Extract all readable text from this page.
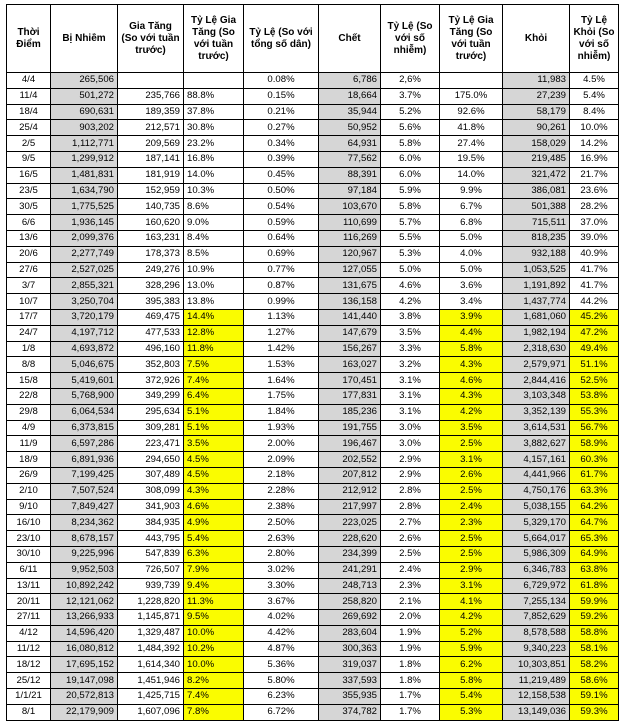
Thời Điểm	Bị Nhiễm	Gia Tăng (So với tuần trước)	Tỷ Lệ Gia Tăng (So với tuần trước)	Tỷ Lệ (So với tổng số dân)	Chết	Tỷ Lệ (So với số nhiễm)	Tỷ Lệ Gia Tăng (So với tuần trước)	Khỏi	Tỷ Lệ Khỏi (So với số nhiễm)

4/4	265,506			0.08%	6,786	2,6%		11,983	4.5%
11/4	501,272	235,766	88.8%	0.15%	18,664	3.7%	175.0%	27,239	5.4%
18/4	690,631	189,359	37.8%	0.21%	35,944	5.2%	92.6%	58,179	8.4%
25/4	903,202	212,571	30.8%	0.27%	50,952	5.6%	41.8%	90,261	10.0%
2/5	1,112,771	209,569	23.2%	0.34%	64,931	5.8%	27.4%	158,029	14.2%
9/5	1,299,912	187,141	16.8%	0.39%	77,562	6.0%	19.5%	219,485	16.9%
16/5	1,481,831	181,919	14.0%	0.45%	88,391	6.0%	14.0%	321,472	21.7%
23/5	1,634,790	152,959	10.3%	0.50%	97,184	5.9%	9.9%	386,081	23.6%
30/5	1,775,525	140,735	8.6%	0.54%	103,670	5.8%	6.7%	501,388	28.2%
6/6	1,936,145	160,620	9.0%	0.59%	110,699	5.7%	6.8%	715,511	37.0%
13/6	2,099,376	163,231	8.4%	0.64%	116,269	5.5%	5.0%	818,235	39.0%
20/6	2,277,749	178,373	8.5%	0.69%	120,967	5.3%	4.0%	932,188	40.9%
27/6	2,527,025	249,276	10.9%	0.77%	127,055	5.0%	5.0%	1,053,525	41.7%
3/7	2,855,321	328,296	13.0%	0.87%	131,675	4.6%	3.6%	1,191,892	41.7%
10/7	3,250,704	395,383	13.8%	0.99%	136,158	4.2%	3.4%	1,437,774	44.2%
17/7	3,720,179	469,475	14.4%	1.13%	141,440	3.8%	3.9%	1,681,060	45.2%
24/7	4,197,712	477,533	12.8%	1.27%	147,679	3.5%	4.4%	1,982,194	47.2%
1/8	4,693,872	496,160	11.8%	1.42%	156,267	3.3%	5.8%	2,318,630	49.4%
8/8	5,046,675	352,803	7.5%	1.53%	163,027	3.2%	4.3%	2,579,971	51.1%
15/8	5,419,601	372,926	7.4%	1.64%	170,451	3.1%	4.6%	2,844,416	52.5%
22/8	5,768,900	349,299	6.4%	1.75%	177,831	3.1%	4.3%	3,103,348	53.8%
29/8	6,064,534	295,634	5.1%	1.84%	185,236	3.1%	4.2%	3,352,139	55.3%
4/9	6,373,815	309,281	5.1%	1.93%	191,755	3.0%	3.5%	3,614,531	56.7%
11/9	6,597,286	223,471	3.5%	2.00%	196,467	3.0%	2.5%	3,882,627	58.9%
18/9	6,891,936	294,650	4.5%	2.09%	202,552	2.9%	3.1%	4,157,161	60.3%
26/9	7,199,425	307,489	4.5%	2.18%	207,812	2.9%	2.6%	4,441,966	61.7%
2/10	7,507,524	308,099	4.3%	2.28%	212,912	2.8%	2.5%	4,750,176	63.3%
9/10	7,849,427	341,903	4.6%	2.38%	217,997	2.8%	2.4%	5,038,155	64.2%
16/10	8,234,362	384,935	4.9%	2.50%	223,025	2.7%	2.3%	5,329,170	64.7%
23/10	8,678,157	443,795	5.4%	2.63%	228,620	2.6%	2.5%	5,664,017	65.3%
30/10	9,225,996	547,839	6.3%	2.80%	234,399	2.5%	2.5%	5,986,309	64.9%
6/11	9,952,503	726,507	7.9%	3.02%	241,291	2.4%	2.9%	6,346,783	63.8%
13/11	10,892,242	939,739	9.4%	3.30%	248,713	2.3%	3.1%	6,729,972	61.8%
20/11	12,121,062	1,228,820	11.3%	3.67%	258,820	2.1%	4.1%	7,255,134	59.9%
27/11	13,266,933	1,145,871	9.5%	4.02%	269,692	2.0%	4.2%	7,852,629	59.2%
4/12	14,596,420	1,329,487	10.0%	4.42%	283,604	1.9%	5.2%	8,578,588	58.8%
11/12	16,080,812	1,484,392	10.2%	4.87%	300,363	1.9%	5.9%	9,340,223	58.1%
18/12	17,695,152	1,614,340	10.0%	5.36%	319,037	1.8%	6.2%	10,303,851	58.2%
25/12	19,147,098	1,451,946	8.2%	5.80%	337,593	1.8%	5.8%	11,219,489	58.6%
1/1/21	20,572,813	1,425,715	7.4%	6.23%	355,935	1.7%	5.4%	12,158,538	59.1%
8/1	22,179,909	1,607,096	7.8%	6.72%	374,782	1.7%	5.3%	13,149,036	59.3%
